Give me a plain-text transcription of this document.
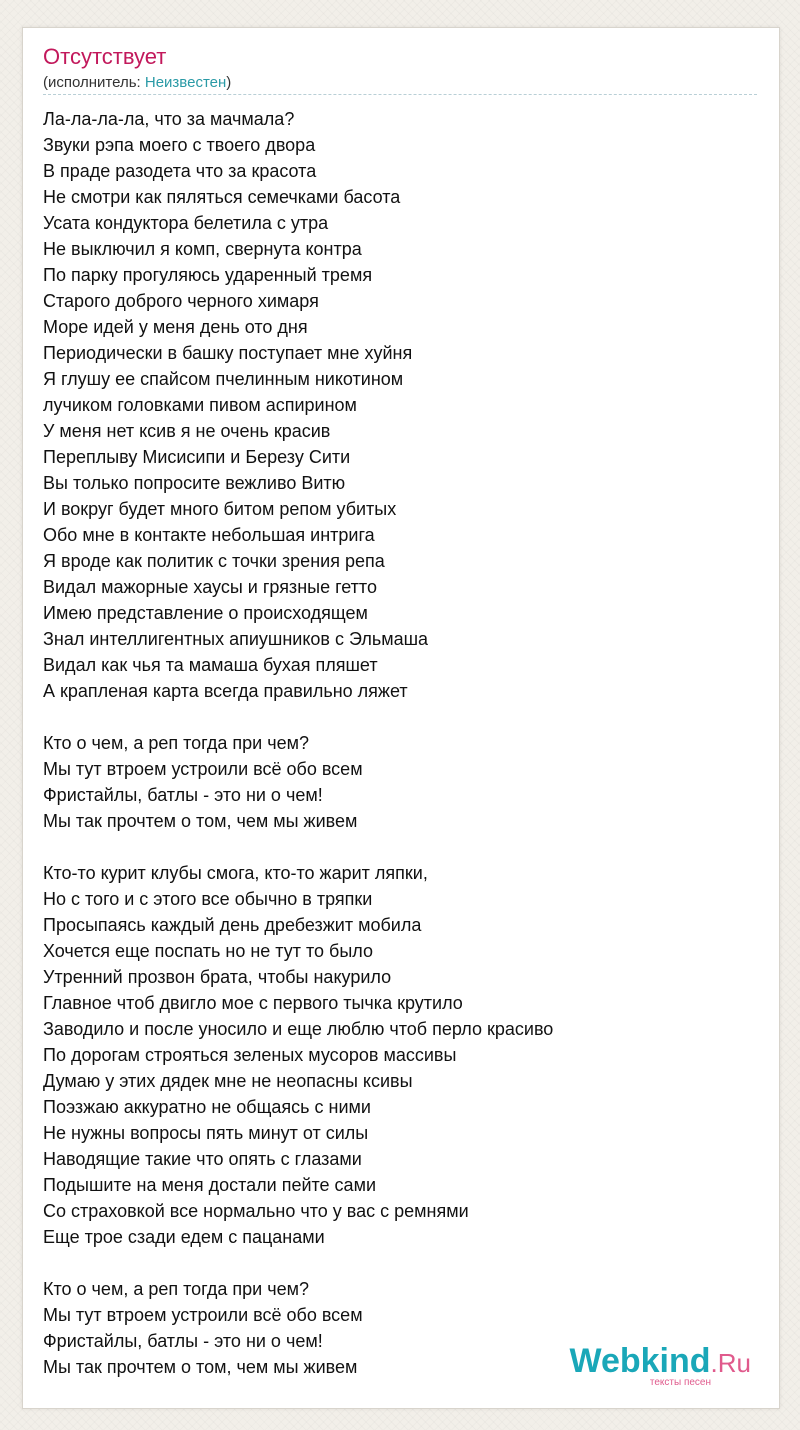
Отсутствует
(исполнитель: Неизвестен)
Ла-ла-ла-ла, что за мачмала?
Звуки рэпа моего с твоего двора
В праде разодета что за красота
Не смотри как пяляться семечками басота
Усата кондуктора белетила с утра
Не выключил я комп, свернута контра
По парку прогуляюсь ударенный тремя
Старого доброго черного химаря
Море идей у меня день ото дня
Периодически в башку поступает мне хуйня
Я глушу ее спайсом пчелинным никотином
лучиком головками пивом аспирином
У меня нет ксив я не очень красив
Переплыву Мисисипи и Березу Сити
Вы только попросите вежливо Витю
И вокруг будет много битом репом убитых
Обо мне в контакте небольшая интрига
Я вроде как политик с точки зрения репа
Видал мажорные хаусы и грязные гетто
Имею представление о происходящем
Знал интеллигентных апиушников с Эльмаша
Видал как чья та мамаша бухая пляшет
А крапленая карта всегда правильно ляжет
Кто о чем, а реп тогда при чем?
Мы тут втроем устроили всё обо всем
Фристайлы, батлы - это ни о чем!
Мы так прочтем о том, чем мы живем
Кто-то курит клубы смога, кто-то жарит ляпки,
Но с того и с этого все обычно в тряпки
Просыпаясь каждый день дребезжит мобила
Хочется еще поспать но не тут то было
Утренний прозвон брата, чтобы накурило
Главное чтоб двигло мое с первого тычка крутило
Заводило и после уносило и еще люблю чтоб перло красиво
По дорогам строяться зеленых мусоров массивы
Думаю у этих дядек мне не неопасны ксивы
Поэзжаю аккуратно не общаясь с ними
Не нужны вопросы пять минут от силы
Наводящие такие что опять с глазами
Подышите на меня достали пейте сами
Со страховкой все нормально что у вас с ремнями
Еще трое сзади едем с пацанами
Кто о чем, а реп тогда при чем?
Мы тут втроем устроили всё обо всем
Фристайлы, батлы - это ни о чем!
Мы так прочтем о том, чем мы живем	Webkind.Ru
тексты песен
